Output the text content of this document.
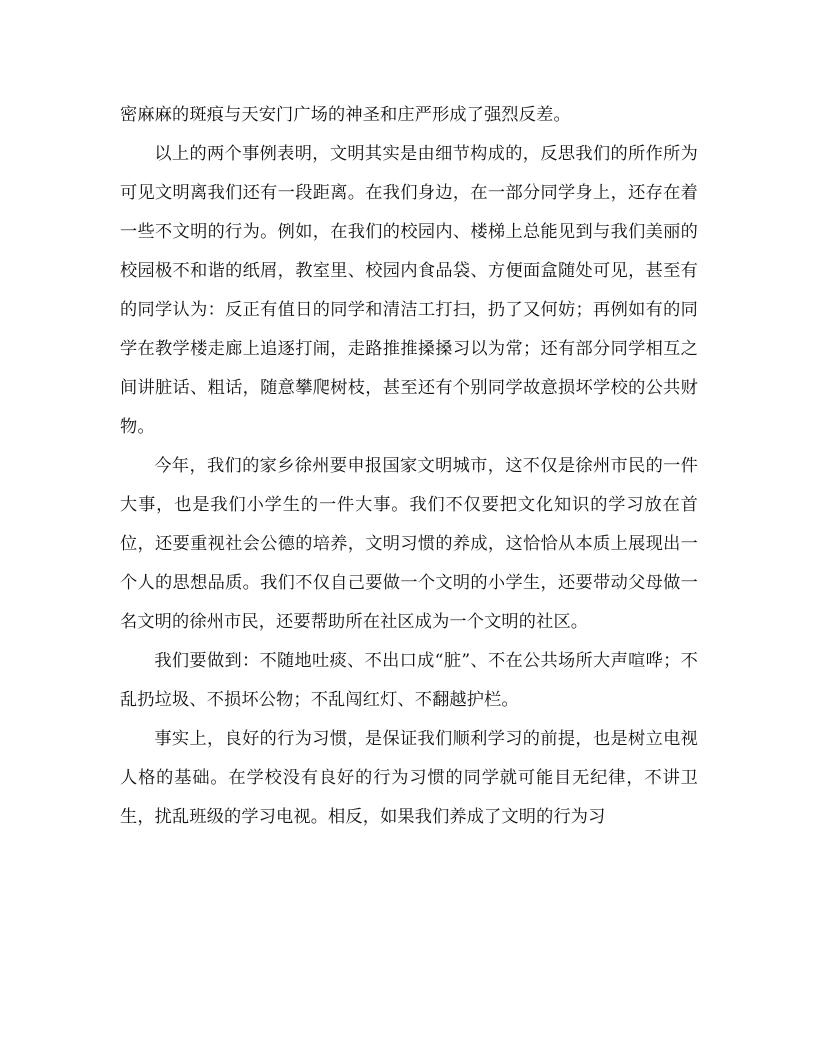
密麻麻的斑痕与天安门广场的神圣和庄严形成了强烈反差。

以上的两个事例表明，文明其实是由细节构成的，反思我们的所作所为可见文明离我们还有一段距离。在我们身边，在一部分同学身上，还存在着一些不文明的行为。例如，在我们的校园内、楼梯上总能见到与我们美丽的校园极不和谐的纸屑，教室里、校园内食品袋、方便面盒随处可见，甚至有的同学认为：反正有值日的同学和清洁工打扫，扔了又何妨；再例如有的同学在教学楼走廊上追逐打闹，走路推推搡搡习以为常；还有部分同学相互之间讲脏话、粗话，随意攀爬树枝，甚至还有个别同学故意损坏学校的公共财物。

今年，我们的家乡徐州要申报国家文明城市，这不仅是徐州市民的一件大事，也是我们小学生的一件大事。我们不仅要把文化知识的学习放在首位，还要重视社会公德的培养，文明习惯的养成，这恰恰从本质上展现出一个人的思想品质。我们不仅自己要做一个文明的小学生，还要带动父母做一名文明的徐州市民，还要帮助所在社区成为一个文明的社区。

我们要做到：不随地吐痰、不出口成“脏”、不在公共场所大声喧哗；不乱扔垃圾、不损坏公物；不乱闯红灯、不翻越护栏。

事实上，良好的行为习惯，是保证我们顺利学习的前提，也是树立电视人格的基础。在学校没有良好的行为习惯的同学就可能目无纪律，不讲卫生，扰乱班级的学习电视。相反，如果我们养成了文明的行为习
